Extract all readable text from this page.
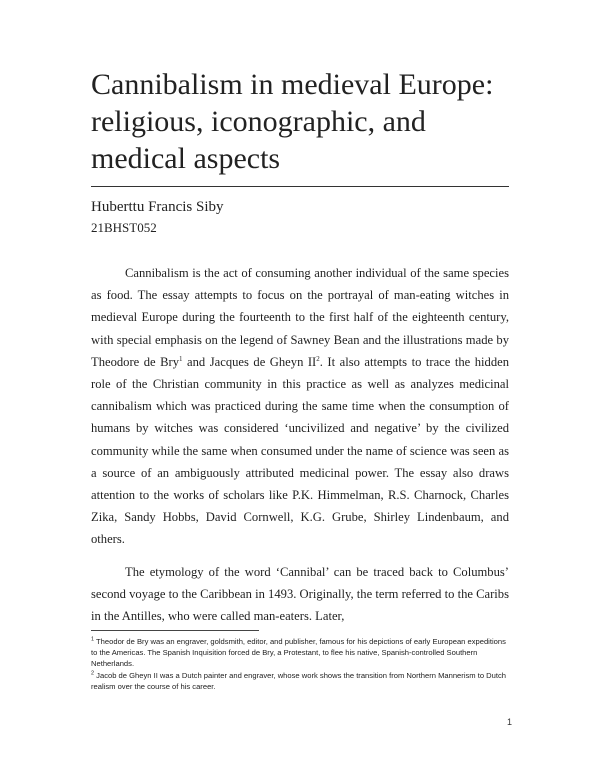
Cannibalism in medieval Europe: religious, iconographic, and medical aspects
Huberttu Francis Siby
21BHST052

Cannibalism is the act of consuming another individual of the same species as food. The essay attempts to focus on the portrayal of man-eating witches in medieval Europe during the fourteenth to the first half of the eighteenth century, with special emphasis on the legend of Sawney Bean and the illustrations made by Theodore de Bry$^1$ and Jacques de Gheyn $II^2$. It also attempts to trace the hidden role of the Christian community in this practice as well as analyzes medicinal cannibalism which was practiced during the same time when the consumption of humans by witches was considered ‘uncivilized and negative’ by the civilized community while the same when consumed under the name of science was seen as a source of an ambiguously attributed medicinal power. The essay also draws attention to the works of scholars like P.K. Himmelman, R.S. Charnock, Charles Zika, Sandy Hobbs, David Cornwell, K.G. Grube, Shirley Lindenbaum, and others.

The etymology of the word ‘Cannibal’ can be traced back to Columbus’ second voyage to the Caribbean in 1493. Originally, the term referred to the Caribs in the Antilles, who were called man-eaters. Later,

$^1$ Theodor de Bry was an engraver, goldsmith, editor, and publisher, famous for his depictions of early European expeditions to the Americas. The Spanish Inquisition forced de Bry, a Protestant, to flee his native, Spanish-controlled Southern Netherlands.

$^2$ Jacob de Gheyn II was a Dutch painter and engraver, whose work shows the transition from Northern Mannerism to Dutch realism over the course of his career.

1
